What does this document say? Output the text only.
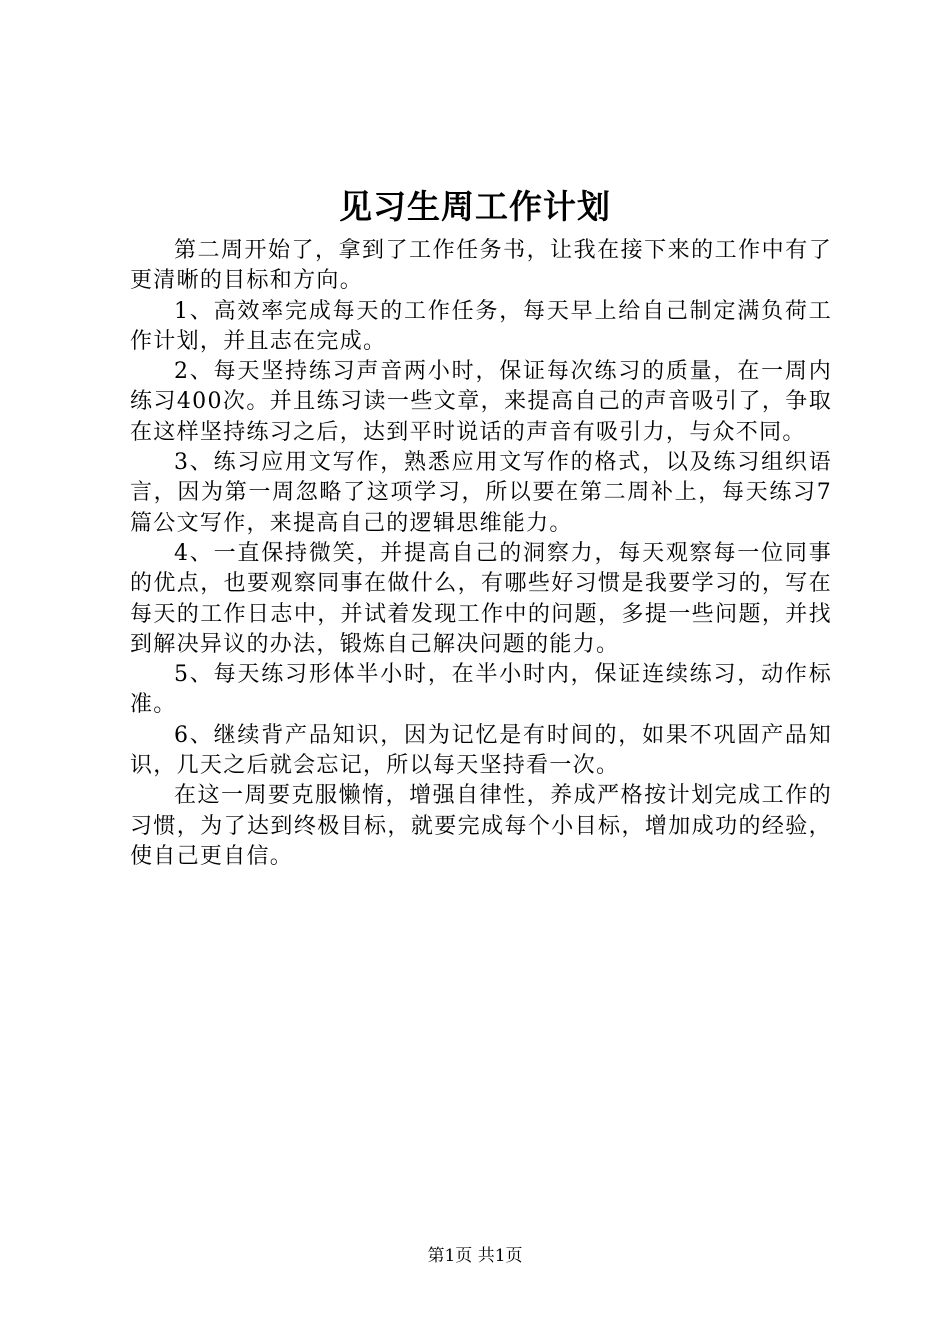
见习生周工作计划

第二周开始了，拿到了工作任务书，让我在接下来的工作中有了更清晰的目标和方向。

1、高效率完成每天的工作任务，每天早上给自己制定满负荷工作计划，并且志在完成。

2、每天坚持练习声音两小时，保证每次练习的质量，在一周内练习400次。并且练习读一些文章，来提高自己的声音吸引了，争取在这样坚持练习之后，达到平时说话的声音有吸引力，与众不同。

3、练习应用文写作，熟悉应用文写作的格式，以及练习组织语言，因为第一周忽略了这项学习，所以要在第二周补上，每天练习7篇公文写作，来提高自己的逻辑思维能力。

4、一直保持微笑，并提高自己的洞察力，每天观察每一位同事的优点，也要观察同事在做什么，有哪些好习惯是我要学习的，写在每天的工作日志中，并试着发现工作中的问题，多提一些问题，并找到解决异议的办法，锻炼自己解决问题的能力。

5、每天练习形体半小时，在半小时内，保证连续练习，动作标准。

6、继续背产品知识，因为记忆是有时间的，如果不巩固产品知识，几天之后就会忘记，所以每天坚持看一次。

在这一周要克服懒惰，增强自律性，养成严格按计划完成工作的习惯，为了达到终极目标，就要完成每个小目标，增加成功的经验，使自己更自信。

第1页 共1页
